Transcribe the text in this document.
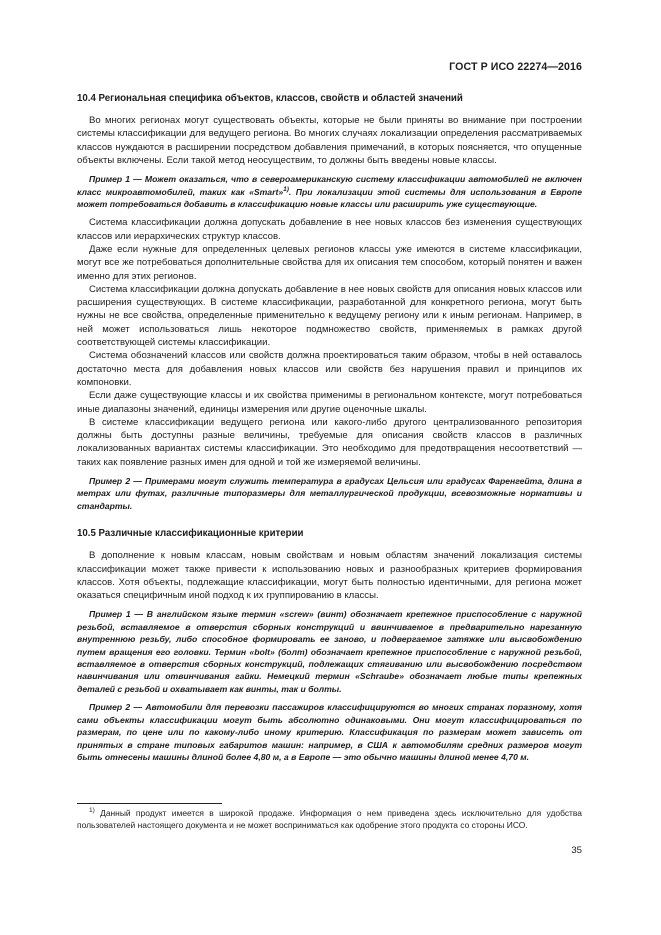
ГОСТ Р ИСО 22274—2016
10.4 Региональная специфика объектов, классов, свойств и областей значений

Во многих регионах могут существовать объекты, которые не были приняты во внимание при построении системы классификации для ведущего региона. Во многих случаях локализации определения рассматриваемых классов нуждаются в расширении посредством добавления примечаний, в которых поясняется, что опущенные объекты включены. Если такой метод неосуществим, то должны быть введены новые классы.

Пример 1 — Может оказаться, что в североамериканскую систему классификации автомобилей не включен класс микроавтомобилей, таких как «Smart»$^{1)}$. При локализации этой системы для использования в Европе может потребоваться добавить в классификацию новые классы или расширить уже существующие.

Система классификации должна допускать добавление в нее новых классов без изменения существующих классов или иерархических структур классов.

Даже если нужные для определенных целевых регионов классы уже имеются в системе классификации, могут все же потребоваться дополнительные свойства для их описания тем способом, который понятен и важен именно для этих регионов.

Система классификации должна допускать добавление в нее новых свойств для описания новых классов или расширения существующих. В системе классификации, разработанной для конкретного региона, могут быть нужны не все свойства, определенные применительно к ведущему региону или к иным регионам. Например, в ней может использоваться лишь некоторое подмножество свойств, применяемых в рамках другой соответствующей системы классификации.

Система обозначений классов или свойств должна проектироваться таким образом, чтобы в ней оставалось достаточно места для добавления новых классов или свойств без нарушения правил и принципов их компоновки.

Если даже существующие классы и их свойства применимы в региональном контексте, могут потребоваться иные диапазоны значений, единицы измерения или другие оценочные шкалы.

В системе классификации ведущего региона или какого-либо другого централизованного репозитория должны быть доступны разные величины, требуемые для описания свойств классов в различных локализованных вариантах системы классификации. Это необходимо для предотвращения несоответствий — таких как появление разных имен для одной и той же измеряемой величины.

Пример 2 — Примерами могут служить температура в градусах Цельсия или градусах Фаренгейта, длина в метрах или футах, различные типоразмеры для металлургической продукции, всевозможные нормативы и стандарты.

10.5 Различные классификационные критерии

В дополнение к новым классам, новым свойствам и новым областям значений локализация системы классификации может также привести к использованию новых и разнообразных критериев формирования классов. Хотя объекты, подлежащие классификации, могут быть полностью идентичными, для региона может оказаться специфичным иной подход к их группированию в классы.

Пример 1 — В английском языке термин «screw» (винт) обозначает крепежное приспособление с наружной резьбой, вставляемое в отверстия сборных конструкций и ввинчиваемое в предварительно нарезанную внутреннюю резьбу, либо способное формировать ее заново, и подвергаемое затяжке или высвобождению путем вращения его головки. Термин «bolt» (болт) обозначает крепежное приспособление с наружной резьбой, вставляемое в отверстия сборных конструкций, подлежащих стягиванию или высвобождению посредством навинчивания или отвинчивания гайки. Немецкий термин «Schraube» обозначает любые типы крепежных деталей с резьбой и охватывает как винты, так и болты.

Пример 2 — Автомобили для перевозки пассажиров классифицируются во многих странах поразному, хотя сами объекты классификации могут быть абсолютно одинаковыми. Они могут классифицироваться по размерам, по цене или по какому-либо иному критерию. Классификация по размерам может зависеть от принятых в стране типовых габаритов машин: например, в США к автомобилям средних размеров могут быть отнесены машины длиной более 4,80 м, а в Европе — это обычно машины длиной менее 4,70 м.

$^{1)}$ Данный продукт имеется в широкой продаже. Информация о нем приведена здесь исключительно для удобства пользователей настоящего документа и не может восприниматься как одобрение этого продукта со стороны ИСО.
35
